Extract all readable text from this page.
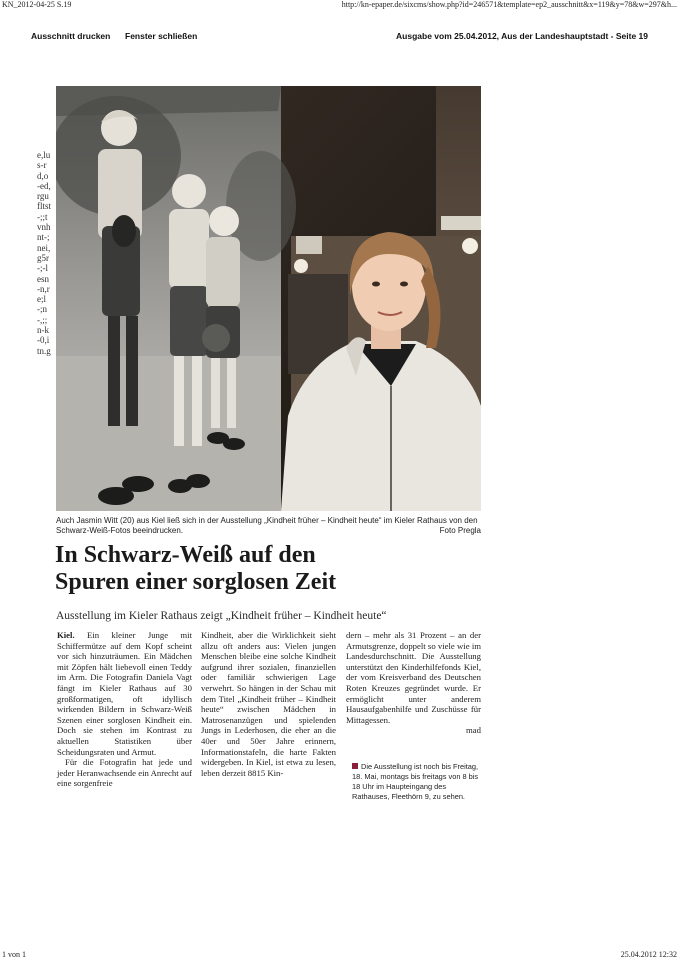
KN_2012-04-25 S.19	http://kn-epaper.de/sixcms/show.php?id=246571&template=ep2_ausschnitt&x=119&y=78&w=297&h...
Ausschnitt drucken Fenster schließen	Ausgabe vom 25.04.2012, Aus der Landeshauptstadt - Seite 19
e,lus-rd,o-ed,rgufltst-;;tvnhnt-;nei,g5r-;-lesn-n,re;l-;n-,;;n-k-0,itn.g
Auch Jasmin Witt (20) aus Kiel ließ sich in der Ausstellung „Kindheit früher – Kindheit heute“ im Kieler Rathaus von den Schwarz-Weiß-Fotos beeindrucken.	Foto Pregla
In Schwarz-Weiß auf den
Spuren einer sorglosen Zeit
Ausstellung im Kieler Rathaus zeigt „Kindheit früher – Kindheit heute“

Kiel. Ein kleiner Junge mit Schiffermütze auf dem Kopf scheint vor sich hinzuträumen. Ein Mädchen mit Zöpfen hält liebevoll einen Teddy im Arm. Die Fotografin Daniela Vagt fängt im Kieler Rathaus auf 30 großformatigen, oft idyllisch wirkenden Bildern in Schwarz-Weiß Szenen einer sorglosen Kindheit ein. Doch sie stehen im Kontrast zu aktuellen Statistiken über Scheidungsraten und Armut.

Für die Fotografin hat jede und jeder Heranwachsende ein Anrecht auf eine sorgenfreie

Kindheit, aber die Wirklichkeit sieht allzu oft anders aus: Vielen jungen Menschen bleibe eine solche Kindheit aufgrund ihrer sozialen, finanziellen oder familiär schwierigen Lage verwehrt. So hängen in der Schau mit dem Titel „Kindheit früher – Kindheit heute“ zwischen Mädchen in Matrosenanzügen und spielenden Jungs in Lederhosen, die eher an die 40er und 50er Jahre erinnern, Informationstafeln, die harte Fakten widergeben. In Kiel, ist etwa zu lesen, leben derzeit 8815 Kin-

dern – mehr als 31 Prozent – an der Armutsgrenze, doppelt so viele wie im Landesdurchschnitt. Die Ausstellung unterstützt den Kinderhilfefonds Kiel, der vom Kreisverband des Deutschen Roten Kreuzes gegründet wurde. Er ermöglicht unter anderem Hausaufgabenhilfe und Zuschüsse für Mittagessen.

mad
Die Ausstellung ist noch bis Freitag, 18. Mai, montags bis freitags von 8 bis 18 Uhr im Haupteingang des Rathauses, Fleethörn 9, zu sehen.
1 von 1	25.04.2012 12:32
